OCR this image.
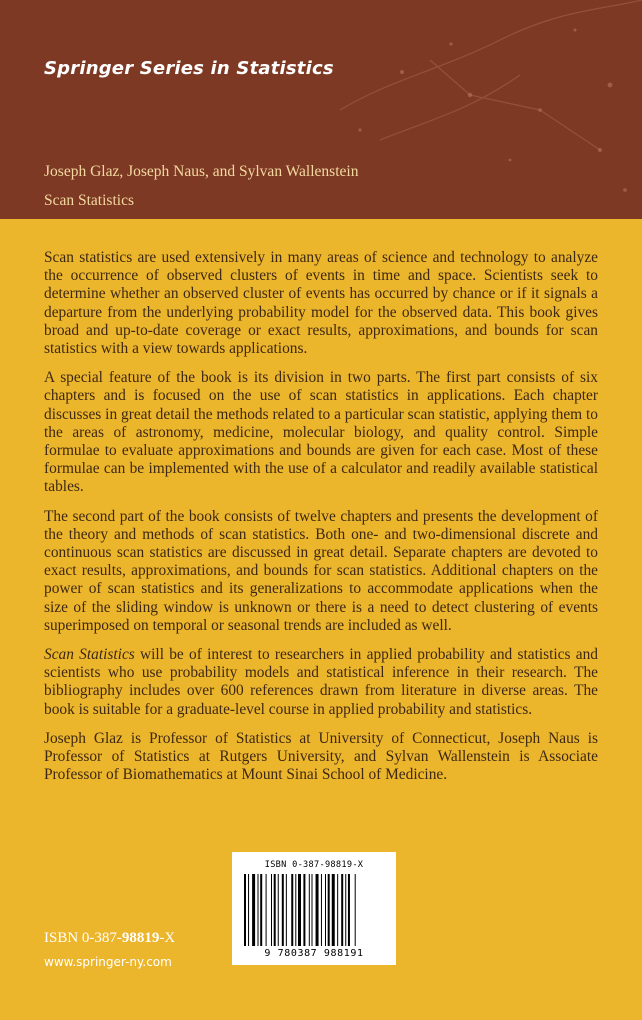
Springer Series in Statistics
Joseph Glaz, Joseph Naus, and Sylvan Wallenstein
Scan Statistics

Scan statistics are used extensively in many areas of science and technology to analyze the occurrence of observed clusters of events in time and space. Scientists seek to determine whether an observed cluster of events has occurred by chance or if it signals a departure from the underlying probability model for the observed data. This book gives broad and up-to-date coverage or exact results, approximations, and bounds for scan statistics with a view towards applications.

A special feature of the book is its division in two parts. The first part consists of six chapters and is focused on the use of scan statistics in applications. Each chapter discusses in great detail the methods related to a particular scan statistic, applying them to the areas of astronomy, medicine, molecular biology, and quality control. Simple formulae to evaluate approximations and bounds are given for each case. Most of these formulae can be implemented with the use of a calculator and readily available statistical tables.

The second part of the book consists of twelve chapters and presents the development of the theory and methods of scan statistics. Both one- and two-dimensional discrete and continuous scan statistics are discussed in great detail. Separate chapters are devoted to exact results, approximations, and bounds for scan statistics. Additional chapters on the power of scan statistics and its generalizations to accommodate applications when the size of the sliding window is unknown or there is a need to detect clustering of events superimposed on temporal or seasonal trends are included as well.

Scan Statistics will be of interest to researchers in applied probability and statistics and scientists who use probability models and statistical inference in their research. The bibliography includes over 600 references drawn from literature in diverse areas. The book is suitable for a graduate-level course in applied probability and statistics.

Joseph Glaz is Professor of Statistics at University of Connecticut, Joseph Naus is Professor of Statistics at Rutgers University, and Sylvan Wallenstein is Associate Professor of Biomathematics at Mount Sinai School of Medicine.

ISBN 0-387-98819-X
9 780387 988191
ISBN 0-387-98819-X
www.springer-ny.com
